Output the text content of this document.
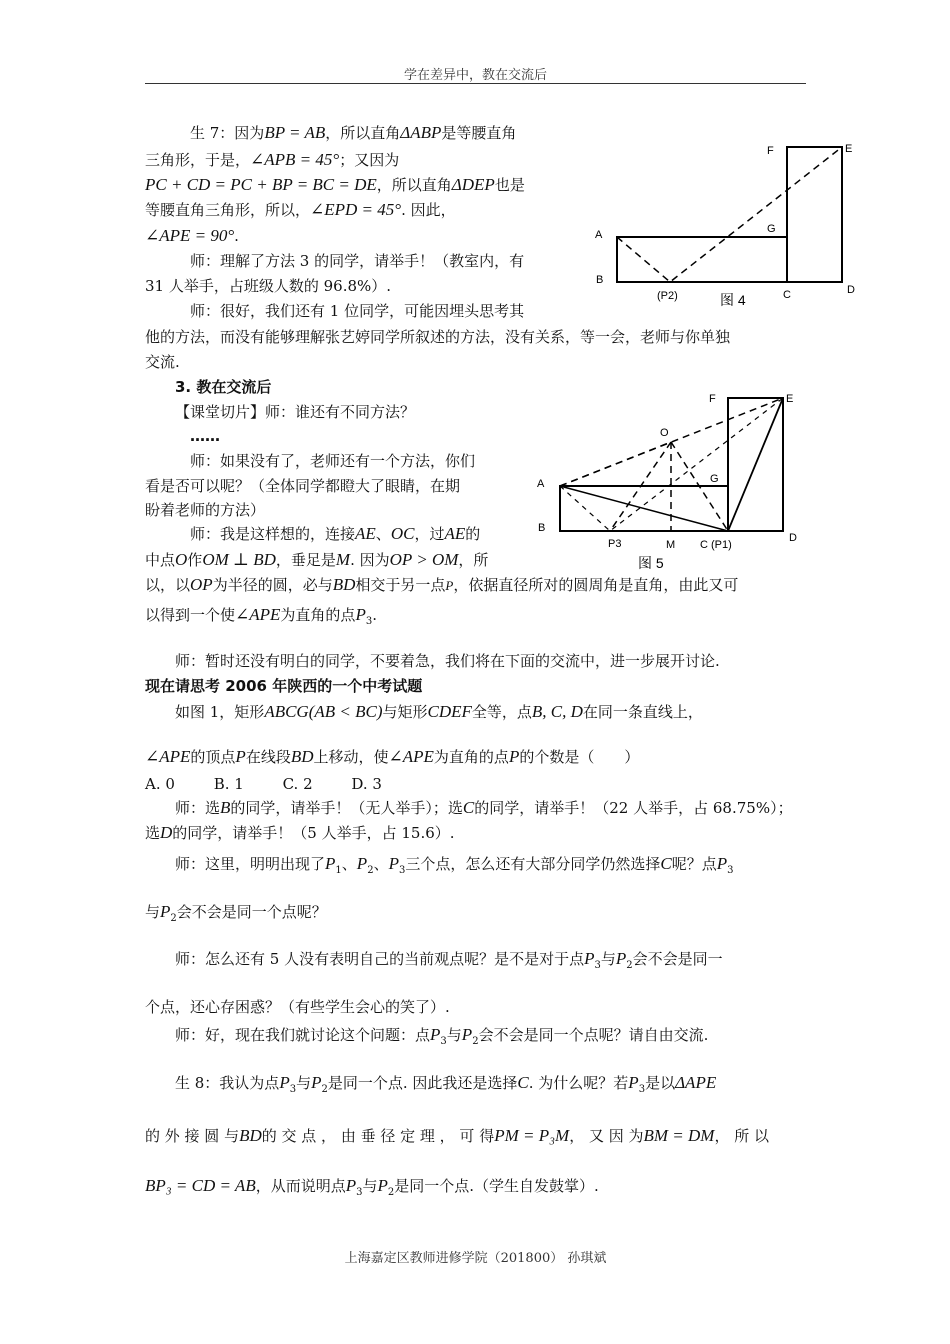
学在差异中，教在交流后
生 7：因为BP = AB，所以直角ΔABP是等腰直角
三角形，于是，∠APB = 45°；又因为
PC + CD = PC + BP = BC = DE，所以直角ΔDEP也是
等腰直角三角形，所以，∠EPD = 45°. 因此，
∠APE = 90°.
师：理解了方法 3 的同学，请举手！（教室内，有
31 人举手，占班级人数的 96.8%）.
师：很好，我们还有 1 位同学，可能因埋头思考其
他的方法，而没有能够理解张艺婷同学所叙述的方法，没有关系，等一会，老师与你单独
交流.
A
B
C	D
E
F
G
(P2)	图 4
3. 教在交流后
【课堂切片】师：谁还有不同方法？
……
师：如果没有了，老师还有一个方法，你们
看是否可以呢？（全体同学都瞪大了眼睛，在期
盼着老师的方法）
师：我是这样想的，连接AE、OC，过AE的
中点O作OM ⊥ BD，垂足是M. 因为OP > OM，所
以，以OP为半径的圆，必与BD相交于另一点P，依据直径所对的圆周角是直角，由此又可
以得到一个使∠APE为直角的点$P_3$.
A
B
C (P1)
D
E
F
G
O
M
P3
图 5
师：暂时还没有明白的同学，不要着急，我们将在下面的交流中，进一步展开讨论.
现在请思考 2006 年陕西的一个中考试题
如图 1，矩形ABCG(AB < BC)与矩形CDEF全等，点B, C, D在同一条直线上，
∠APE的顶点P在线段BD上移动，使∠APE为直角的点P的个数是（　　）
A. 0	B. 1	C. 2	D. 3
师：选B的同学，请举手！（无人举手）；选C的同学，请举手！（22 人举手，占 68.75%）；
选D的同学，请举手！（5 人举手，占 15.6）.
师：这里，明明出现了$P_1$、$P_2$、$P_3$三个点，怎么还有大部分同学仍然选择C呢？点$P_3$
与$P_2$会不会是同一个点呢？
师：怎么还有 5 人没有表明自己的当前观点呢？是不是对于点$P_3$与$P_2$会不会是同一
个点，还心存困惑？（有些学生会心的笑了）.
师：好，现在我们就讨论这个问题：点$P_3$与$P_2$会不会是同一个点呢？请自由交流.
生 8：我认为点$P_3$与$P_2$是同一个点. 因此我还是选择C. 为什么呢？若$P_3$是以ΔAPE
的 外 接 圆 与BD的 交 点 ， 由 垂 径 定 理 ， 可 得PM = P₃M， 又 因 为BM = DM， 所 以
BP₃ = CD = AB，从而说明点$P_3$与$P_2$是同一个点.（学生自发鼓掌）.
上海嘉定区教师进修学院（201800） 孙琪斌
